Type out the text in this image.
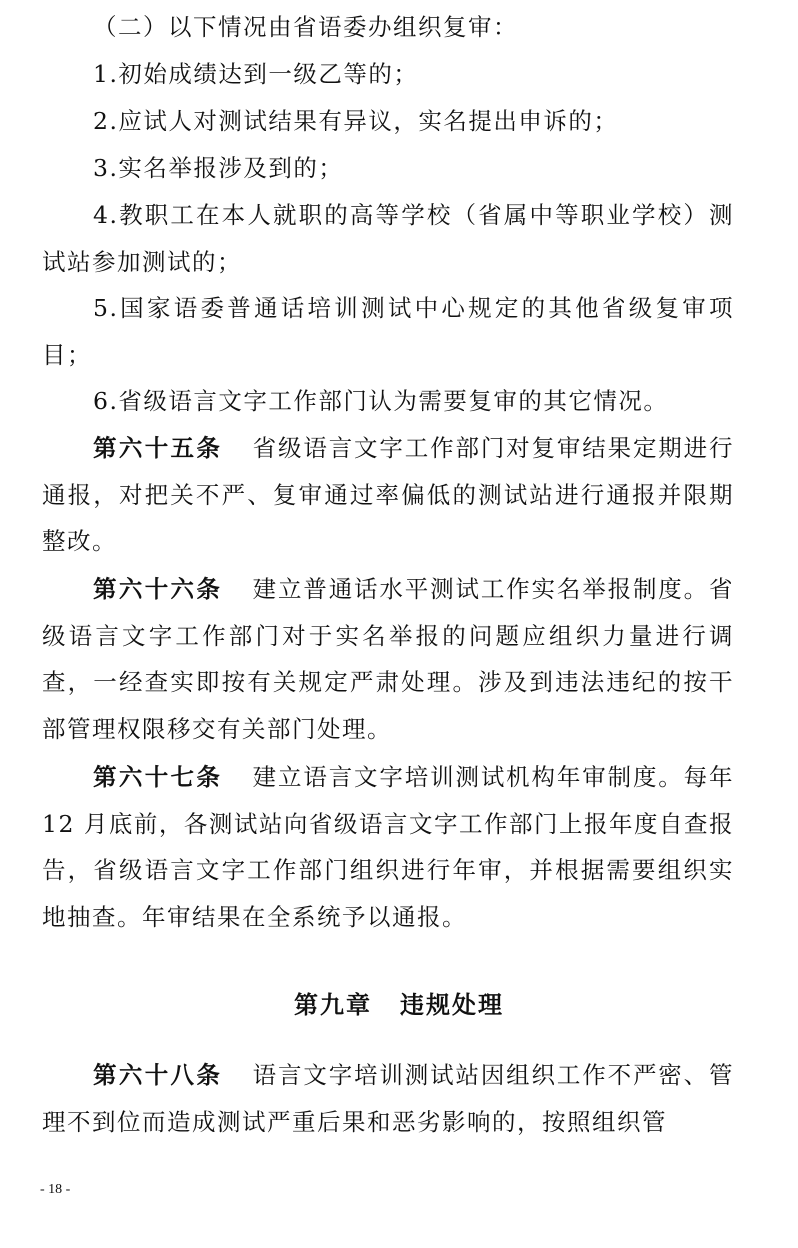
（二）以下情况由省语委办组织复审：

1.初始成绩达到一级乙等的；

2.应试人对测试结果有异议，实名提出申诉的；

3.实名举报涉及到的；

4.教职工在本人就职的高等学校（省属中等职业学校）测试站参加测试的；

5.国家语委普通话培训测试中心规定的其他省级复审项目；

6.省级语言文字工作部门认为需要复审的其它情况。

第六十五条 省级语言文字工作部门对复审结果定期进行通报，对把关不严、复审通过率偏低的测试站进行通报并限期整改。

第六十六条 建立普通话水平测试工作实名举报制度。省级语言文字工作部门对于实名举报的问题应组织力量进行调查，一经查实即按有关规定严肃处理。涉及到违法违纪的按干部管理权限移交有关部门处理。

第六十七条 建立语言文字培训测试机构年审制度。每年 12 月底前，各测试站向省级语言文字工作部门上报年度自查报告，省级语言文字工作部门组织进行年审，并根据需要组织实地抽查。年审结果在全系统予以通报。

第九章 违规处理

第六十八条 语言文字培训测试站因组织工作不严密、管理不到位而造成测试严重后果和恶劣影响的，按照组织管

- 18 -
